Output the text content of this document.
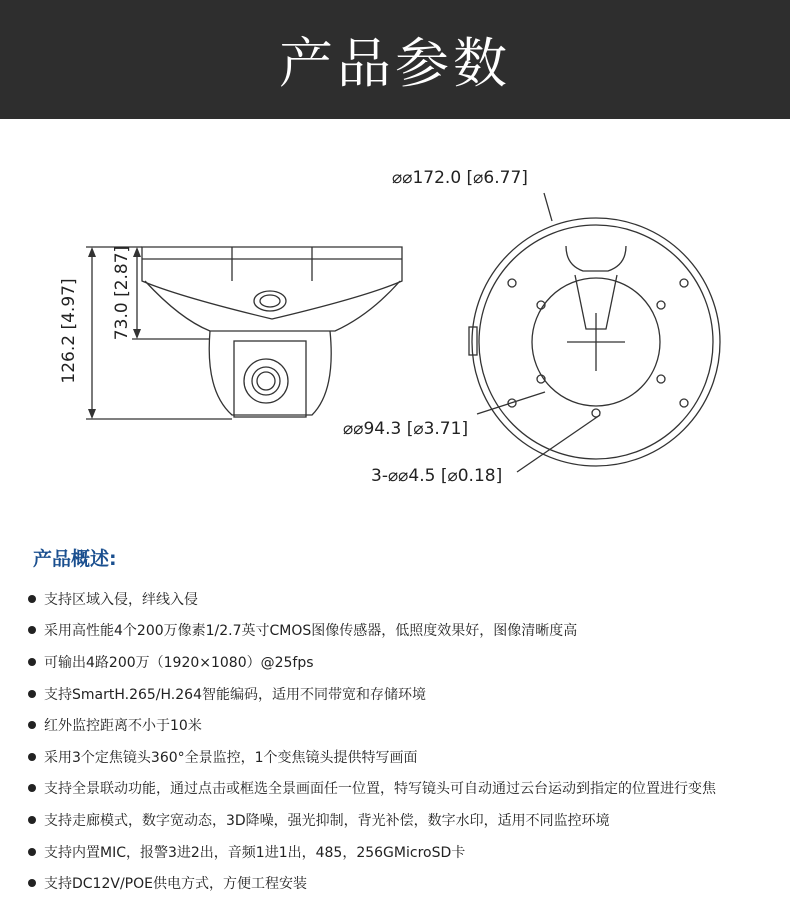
产品参数
126.2 [4.97] 73.0 [2.87]
⌀⌀172.0 [⌀6.77]
⌀⌀94.3 [⌀3.71]
3-⌀⌀4.5 [⌀0.18]
产品概述:
支持区域入侵，绊线入侵
采用高性能4个200万像素1/2.7英寸CMOS图像传感器，低照度效果好，图像清晰度高
可输出4路200万（1920×1080）@25fps
支持SmartH.265/H.264智能编码，适用不同带宽和存储环境
红外监控距离不小于10米
采用3个定焦镜头360°全景监控，1个变焦镜头提供特写画面
支持全景联动功能，通过点击或框选全景画面任一位置，特写镜头可自动通过云台运动到指定的位置进行变焦
支持走廊模式，数字宽动态，3D降噪，强光抑制，背光补偿，数字水印，适用不同监控环境
支持内置MIC，报警3进2出，音频1进1出，485，256GMicroSD卡
支持DC12V/POE供电方式，方便工程安装
